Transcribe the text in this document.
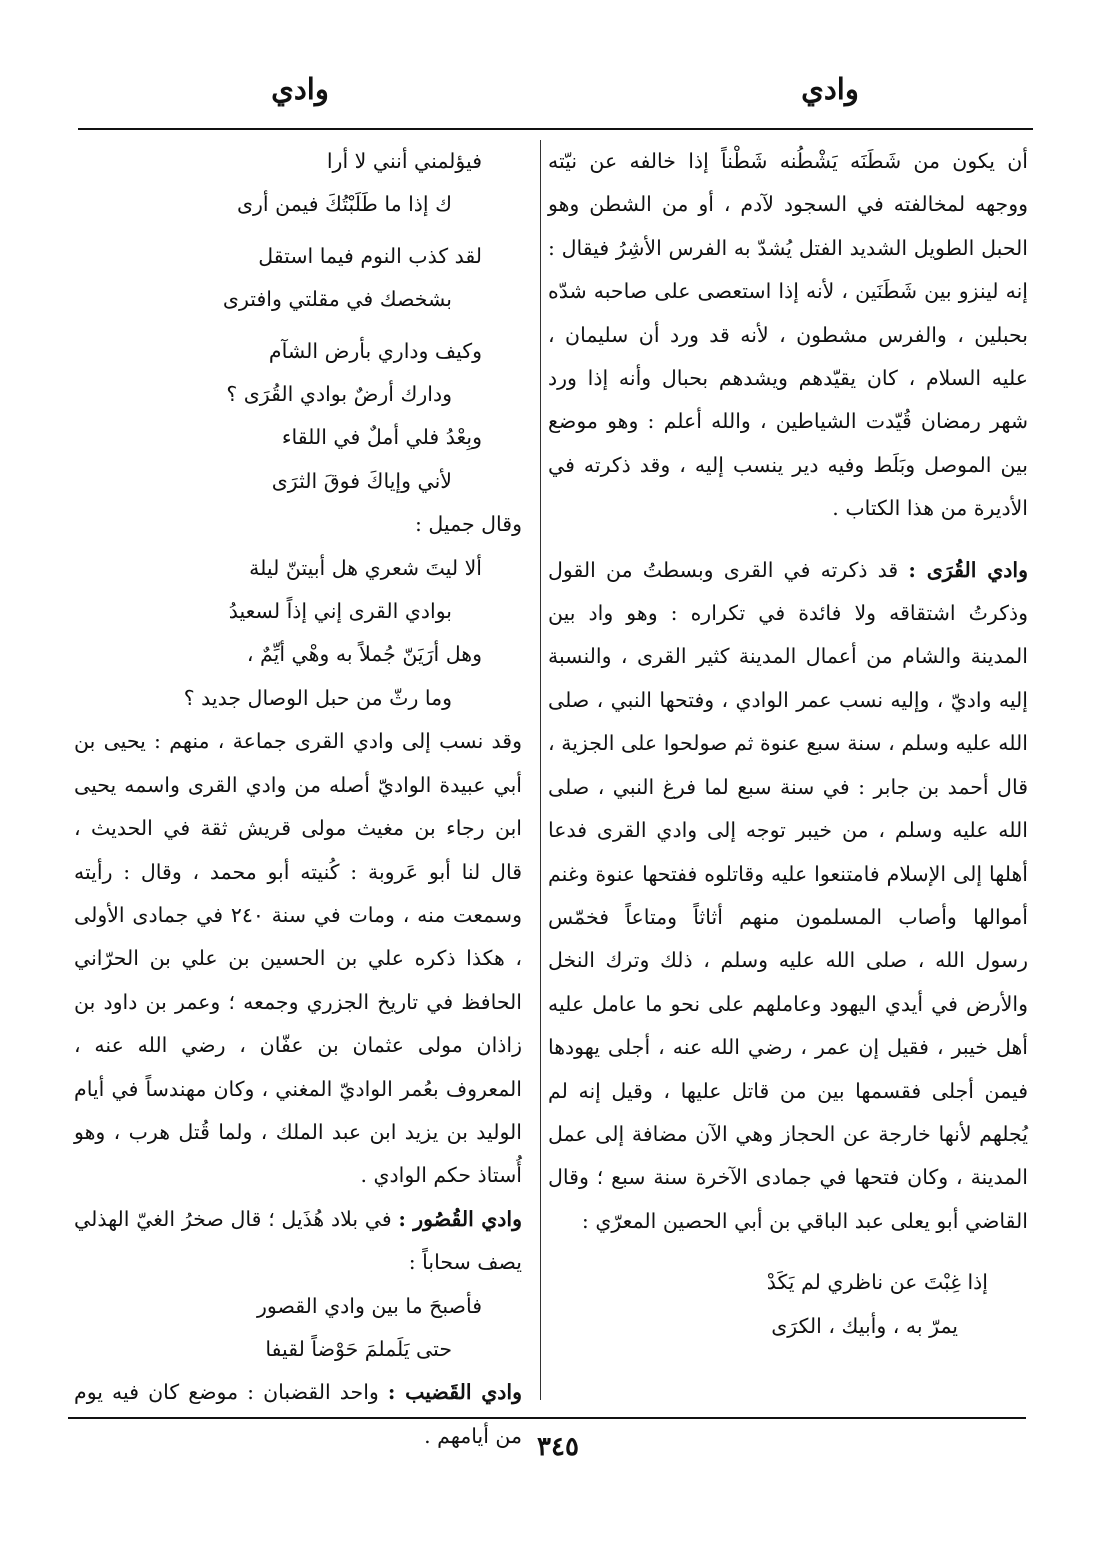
وادي
وادي

أن يكون من شَطَنَه يَشْطُنه شَطْناً إذا خالفه عن نيّته ووجهه لمخالفته في السجود لآدم ، أو من الشطن وهو الحبل الطويل الشديد الفتل يُشدّ به الفرس الأشِرُ فيقال : إنه لينزو بين شَطَنَين ، لأنه إذا استعصى على صاحبه شدّه بحبلين ، والفرس مشطون ، لأنه قد ورد أن سليمان ، عليه السلام ، كان يقيّدهم ويشدهم بحبال وأنه إذا ورد شهر رمضان قُيّدت الشياطين ، والله أعلم : وهو موضع بين الموصل وبَلَط وفيه دير ينسب إليه ، وقد ذكرته في الأديرة من هذا الكتاب .

وادي القُرَى : قد ذكرته في القرى وبسطتُ من القول وذكرتُ اشتقاقه ولا فائدة في تكراره : وهو واد بين المدينة والشام من أعمال المدينة كثير القرى ، والنسبة إليه واديّ ، وإليه نسب عمر الوادي ، وفتحها النبي ، صلى الله عليه وسلم ، سنة سبع عنوة ثم صولحوا على الجزية ، قال أحمد بن جابر : في سنة سبع لما فرغ النبي ، صلى الله عليه وسلم ، من خيبر توجه إلى وادي القرى فدعا أهلها إلى الإسلام فامتنعوا عليه وقاتلوه ففتحها عنوة وغنم أموالها وأصاب المسلمون منهم أثاثاً ومتاعاً فخمّس رسول الله ، صلى الله عليه وسلم ، ذلك وترك النخل والأرض في أيدي اليهود وعاملهم على نحو ما عامل عليه أهل خيبر ، فقيل إن عمر ، رضي الله عنه ، أجلى يهودها فيمن أجلى فقسمها بين من قاتل عليها ، وقيل إنه لم يُجلهم لأنها خارجة عن الحجاز وهي الآن مضافة إلى عمل المدينة ، وكان فتحها في جمادى الآخرة سنة سبع ؛ وقال القاضي أبو يعلى عبد الباقي بن أبي الحصين المعرّي :

إذا غِبْتَ عن ناظري لم يَكَدْ
يمرّ به ، وأبيك ، الكرَى
فيؤلمني أنني لا أرا
ك إذا ما طَلَبْتُكَ فيمن أرى
لقد كذب النوم فيما استقل
بشخصك في مقلتي وافترى
وكيف وداري بأرض الشآم
ودارك أرضٌ بوادي القُرَى ؟
وبِعْدُ فلي أملٌ في اللقاء
لأني وإياكَ فوقَ الثرَى

وقال جميل :

ألا ليتَ شعري هل أبيتنّ ليلة
بوادي القرى إني إذاً لسعيدُ
وهل أرَيَنّ جُملاً به وهْي أيِّمٌ ،
وما رثّ من حبل الوصال جديد ؟

وقد نسب إلى وادي القرى جماعة ، منهم : يحيى بن أبي عبيدة الواديّ أصله من وادي القرى واسمه يحيى ابن رجاء بن مغيث مولى قريش ثقة في الحديث ، قال لنا أبو عَروبة : كُنيته أبو محمد ، وقال : رأيته وسمعت منه ، ومات في سنة ٢٤٠ في جمادى الأولى ، هكذا ذكره علي بن الحسين بن علي بن الحرّاني الحافظ في تاريخ الجزري وجمعه ؛ وعمر بن داود بن زاذان مولى عثمان بن عفّان ، رضي الله عنه ، المعروف بعُمر الواديّ المغني ، وكان مهندساً في أيام الوليد بن يزيد ابن عبد الملك ، ولما قُتل هرب ، وهو أُستاذ حكم الوادي .

وادي القُصُور : في بلاد هُذَيل ؛ قال صخرُ الغيّ الهذلي يصف سحاباً :

فأصبحَ ما بين وادي القصور
حتى يَلَملمَ حَوْضاً لقيفا

وادي القَضيب : واحد القضبان : موضع كان فيه يوم من أيامهم . ٣٤٥
